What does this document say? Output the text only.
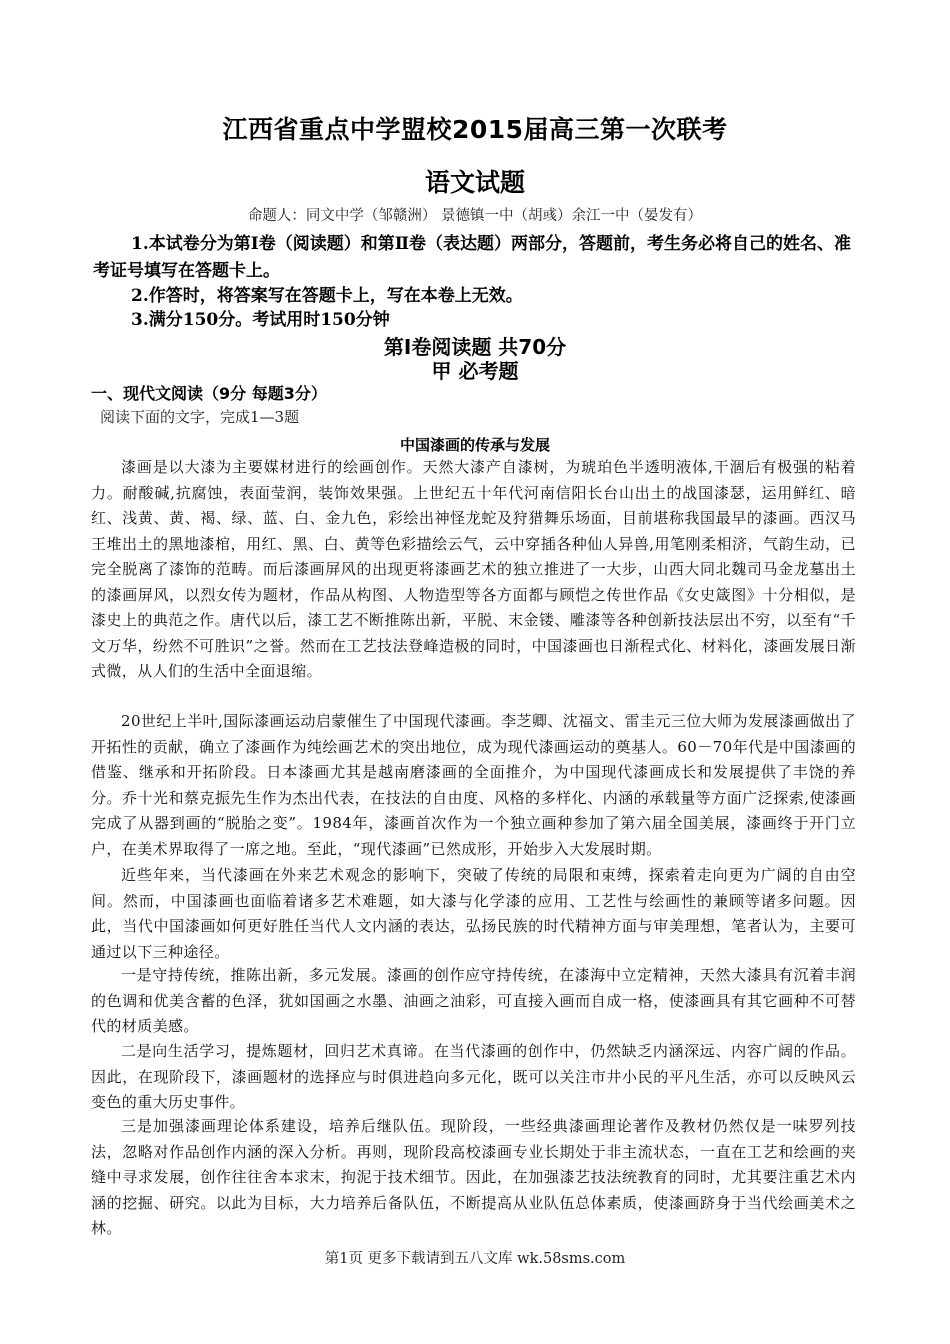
江西省重点中学盟校2015届高三第一次联考
语文试题
命题人：同文中学（邹赣洲） 景德镇一中（胡彧）余江一中（晏发有）
1.本试卷分为第Ⅰ卷（阅读题）和第Ⅱ卷（表达题）两部分，答题前，考生务必将自己的姓名、准考证号填写在答题卡上。
2.作答时，将答案写在答题卡上，写在本卷上无效。
3.满分150分。考试用时150分钟
第Ⅰ卷阅读题 共70分
甲 必考题
一、现代文阅读（9分 每题3分）
阅读下面的文字，完成1—3题
中国漆画的传承与发展
漆画是以大漆为主要媒材进行的绘画创作。天然大漆产自漆树，为琥珀色半透明液体,干涸后有极强的粘着力。耐酸碱,抗腐蚀，表面莹润，装饰效果强。上世纪五十年代河南信阳长台山出土的战国漆瑟，运用鲜红、暗红、浅黄、黄、褐、绿、蓝、白、金九色，彩绘出神怪龙蛇及狩猎舞乐场面，目前堪称我国最早的漆画。西汉马王堆出土的黑地漆棺，用红、黑、白、黄等色彩描绘云气，云中穿插各种仙人异兽,用笔刚柔相济，气韵生动，已完全脱离了漆饰的范畴。而后漆画屏风的出现更将漆画艺术的独立推进了一大步，山西大同北魏司马金龙墓出土的漆画屏风，以烈女传为题材，作品从构图、人物造型等各方面都与顾恺之传世作品《女史箴图》十分相似，是漆史上的典范之作。唐代以后，漆工艺不断推陈出新，平脱、末金镂、雕漆等各种创新技法层出不穷，以至有“千文万华，纷然不可胜识”之誉。然而在工艺技法登峰造极的同时，中国漆画也日渐程式化、材料化，漆画发展日渐式微，从人们的生活中全面退缩。
20世纪上半叶,国际漆画运动启蒙催生了中国现代漆画。李芝卿、沈福文、雷圭元三位大师为发展漆画做出了开拓性的贡献，确立了漆画作为纯绘画艺术的突出地位，成为现代漆画运动的奠基人。60－70年代是中国漆画的借鉴、继承和开拓阶段。日本漆画尤其是越南磨漆画的全面推介，为中国现代漆画成长和发展提供了丰饶的养分。乔十光和蔡克振先生作为杰出代表，在技法的自由度、风格的多样化、内涵的承载量等方面广泛探索,使漆画完成了从器到画的“脱胎之变”。1984年，漆画首次作为一个独立画种参加了第六届全国美展，漆画终于开门立户，在美术界取得了一席之地。至此，“现代漆画”已然成形，开始步入大发展时期。
近些年来，当代漆画在外来艺术观念的影响下，突破了传统的局限和束缚，探索着走向更为广阔的自由空间。然而，中国漆画也面临着诸多艺术难题，如大漆与化学漆的应用、工艺性与绘画性的兼顾等诸多问题。因此，当代中国漆画如何更好胜任当代人文内涵的表达，弘扬民族的时代精神方面与审美理想，笔者认为，主要可通过以下三种途径。
一是守持传统，推陈出新，多元发展。漆画的创作应守持传统，在漆海中立定精神，天然大漆具有沉着丰润的色调和优美含蓄的色泽，犹如国画之水墨、油画之油彩，可直接入画而自成一格，使漆画具有其它画种不可替代的材质美感。
二是向生活学习，提炼题材，回归艺术真谛。在当代漆画的创作中，仍然缺乏内涵深远、内容广阔的作品。因此，在现阶段下，漆画题材的选择应与时俱进趋向多元化，既可以关注市井小民的平凡生活，亦可以反映风云变色的重大历史事件。
三是加强漆画理论体系建设，培养后继队伍。现阶段，一些经典漆画理论著作及教材仍然仅是一味罗列技法，忽略对作品创作内涵的深入分析。再则，现阶段高校漆画专业长期处于非主流状态，一直在工艺和绘画的夹缝中寻求发展，创作往往舍本求末，拘泥于技术细节。因此，在加强漆艺技法统教育的同时，尤其要注重艺术内涵的挖掘、研究。以此为目标，大力培养后备队伍，不断提高从业队伍总体素质，使漆画跻身于当代绘画美术之林。
第1页 更多下载请到五八文库 wk.58sms.com
